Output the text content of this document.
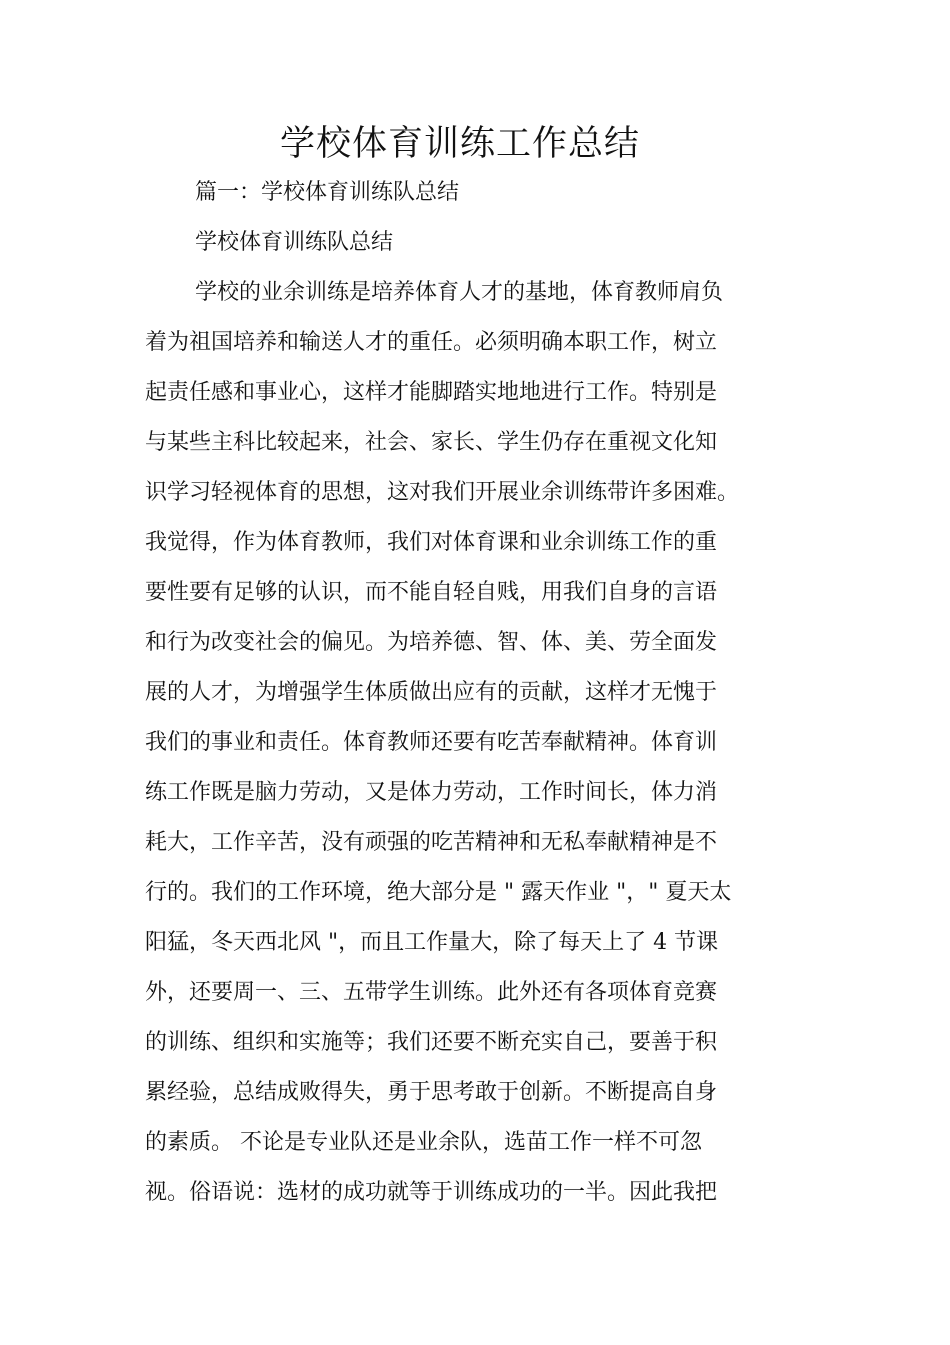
学校体育训练工作总结
篇一：学校体育训练队总结
学校体育训练队总结
学校的业余训练是培养体育人才的基地，体育教师肩负
着为祖国培养和输送人才的重任。必须明确本职工作，树立
起责任感和事业心，这样才能脚踏实地地进行工作。特别是
与某些主科比较起来，社会、家长、学生仍存在重视文化知
识学习轻视体育的思想，这对我们开展业余训练带许多困难。
我觉得，作为体育教师，我们对体育课和业余训练工作的重
要性要有足够的认识，而不能自轻自贱，用我们自身的言语
和行为改变社会的偏见。为培养德、智、体、美、劳全面发
展的人才，为增强学生体质做出应有的贡献，这样才无愧于
我们的事业和责任。体育教师还要有吃苦奉献精神。体育训
练工作既是脑力劳动，又是体力劳动，工作时间长，体力消
耗大，工作辛苦，没有顽强的吃苦精神和无私奉献精神是不
行的。我们的工作环境，绝大部分是 " 露天作业 "，" 夏天太
阳猛，冬天西北风 "，而且工作量大，除了每天上了 4 节课
外，还要周一、三、五带学生训练。此外还有各项体育竞赛
的训练、组织和实施等；我们还要不断充实自己，要善于积
累经验，总结成败得失，勇于思考敢于创新。不断提高自身
的素质。 不论是专业队还是业余队，选苗工作一样不可忽
视。俗语说：选材的成功就等于训练成功的一半。因此我把
